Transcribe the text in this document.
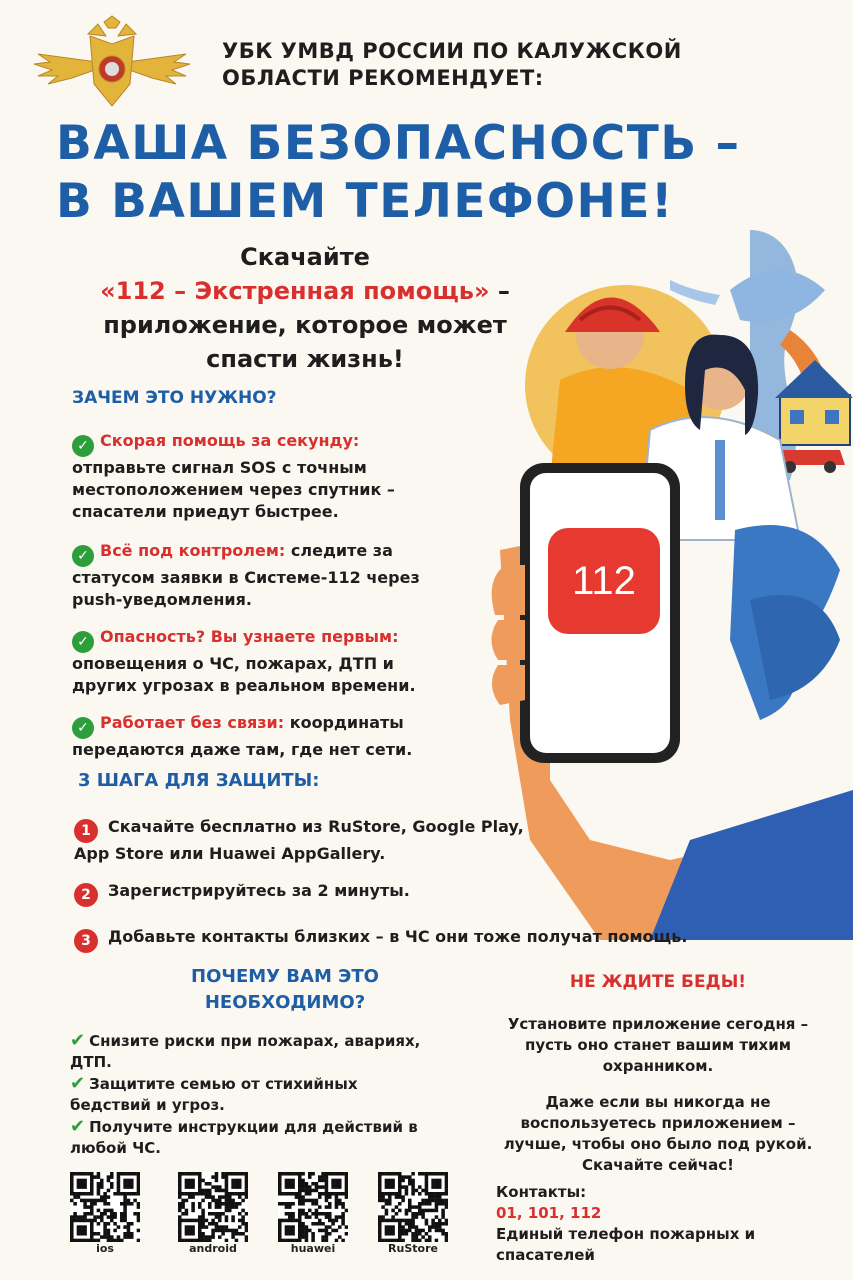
УБК УМВД РОССИИ ПО КАЛУЖСКОЙ
ОБЛАСТИ РЕКОМЕНДУЕТ:
ВАША БЕЗОПАСНОСТЬ –
В ВАШЕМ ТЕЛЕФОНЕ!
112
Скачайте
«112 – Экстренная помощь» –
приложение, которое может
спасти жизнь!
ЗАЧЕМ ЭТО НУЖНО?
✓ Скорая помощь за секунду:
отправьте сигнал SOS с точным
местоположением через спутник –
спасатели приедут быстрее.
✓ Всё под контролем: следите за
статусом заявки в Системе-112 через
push-уведомления.
✓ Опасность? Вы узнаете первым:
оповещения о ЧС, пожарах, ДТП и
других угрозах в реальном времени.
✓ Работает без связи: координаты
передаются даже там, где нет сети.
3 ШАГА ДЛЯ ЗАЩИТЫ:
1 Скачайте бесплатно из RuStore, Google Play,
App Store или Huawei AppGallery.
2 Зарегистрируйтесь за 2 минуты.
3 Добавьте контакты близких – в ЧС они тоже получат помощь.
ПОЧЕМУ ВАМ ЭТО
НЕОБХОДИМО?
✔ Снизите риски при пожарах, авариях,
ДТП.
✔ Защитите семью от стихийных
бедствий и угроз.
✔ Получите инструкции для действий в
любой ЧС.
НЕ ЖДИТЕ БЕДЫ!
Установите приложение сегодня –
пусть оно станет вашим тихим
охранником.
Даже если вы никогда не
воспользуетесь приложением –
лучше, чтобы оно было под рукой.
Скачайте сейчас!
Контакты:
01, 101, 112
Единый телефон пожарных и
спасателей
ios	android	huawei	RuStore
